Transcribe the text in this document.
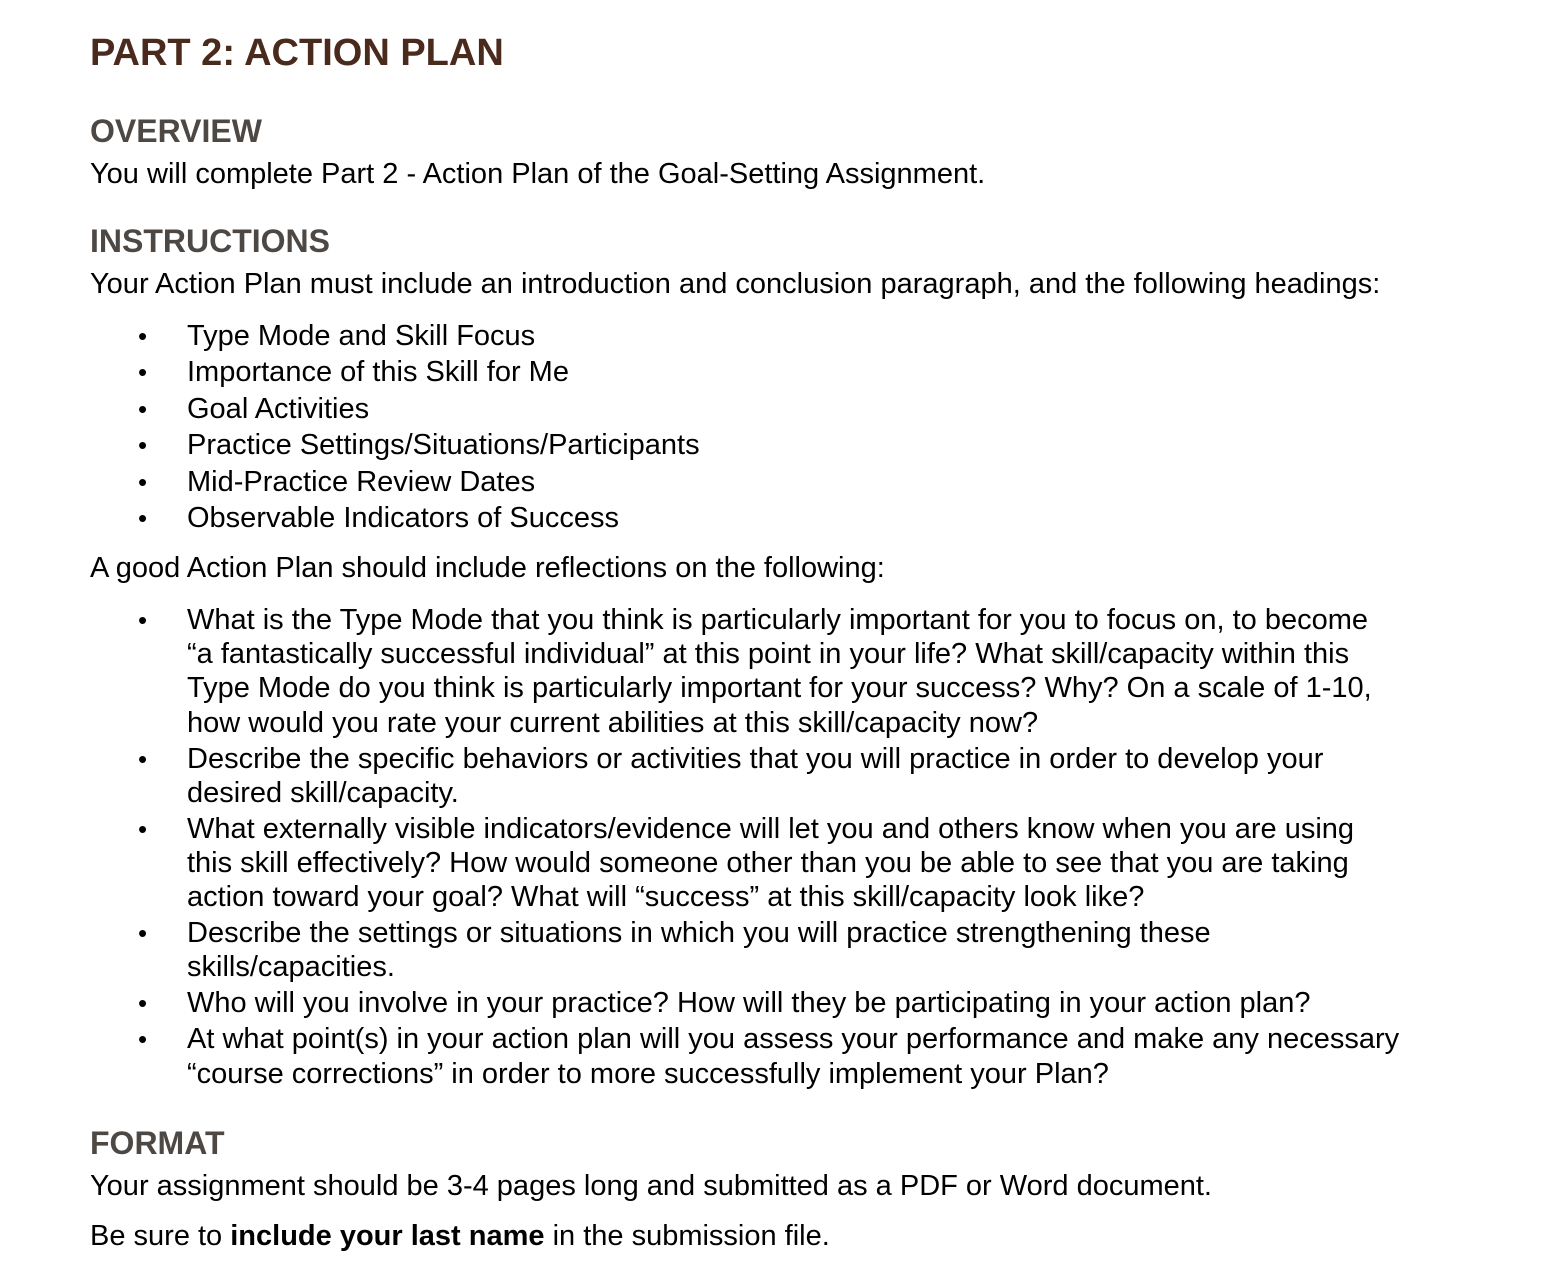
PART 2: ACTION PLAN
OVERVIEW

You will complete Part 2 - Action Plan of the Goal-Setting Assignment.

INSTRUCTIONS

Your Action Plan must include an introduction and conclusion paragraph, and the following headings:

• Type Mode and Skill Focus
• Importance of this Skill for Me
• Goal Activities
• Practice Settings/Situations/Participants
• Mid-Practice Review Dates
• Observable Indicators of Success

A good Action Plan should include reflections on the following:

• What is the Type Mode that you think is particularly important for you to focus on, to become
“a fantastically successful individual” at this point in your life? What skill/capacity within this
Type Mode do you think is particularly important for your success? Why? On a scale of 1-10,
how would you rate your current abilities at this skill/capacity now?
• Describe the specific behaviors or activities that you will practice in order to develop your
desired skill/capacity.
• What externally visible indicators/evidence will let you and others know when you are using
this skill effectively? How would someone other than you be able to see that you are taking
action toward your goal? What will “success” at this skill/capacity look like?
• Describe the settings or situations in which you will practice strengthening these
skills/capacities.
• Who will you involve in your practice? How will they be participating in your action plan?
• At what point(s) in your action plan will you assess your performance and make any necessary
“course corrections” in order to more successfully implement your Plan?
FORMAT

Your assignment should be 3-4 pages long and submitted as a PDF or Word document.

Be sure to include your last name in the submission file.
